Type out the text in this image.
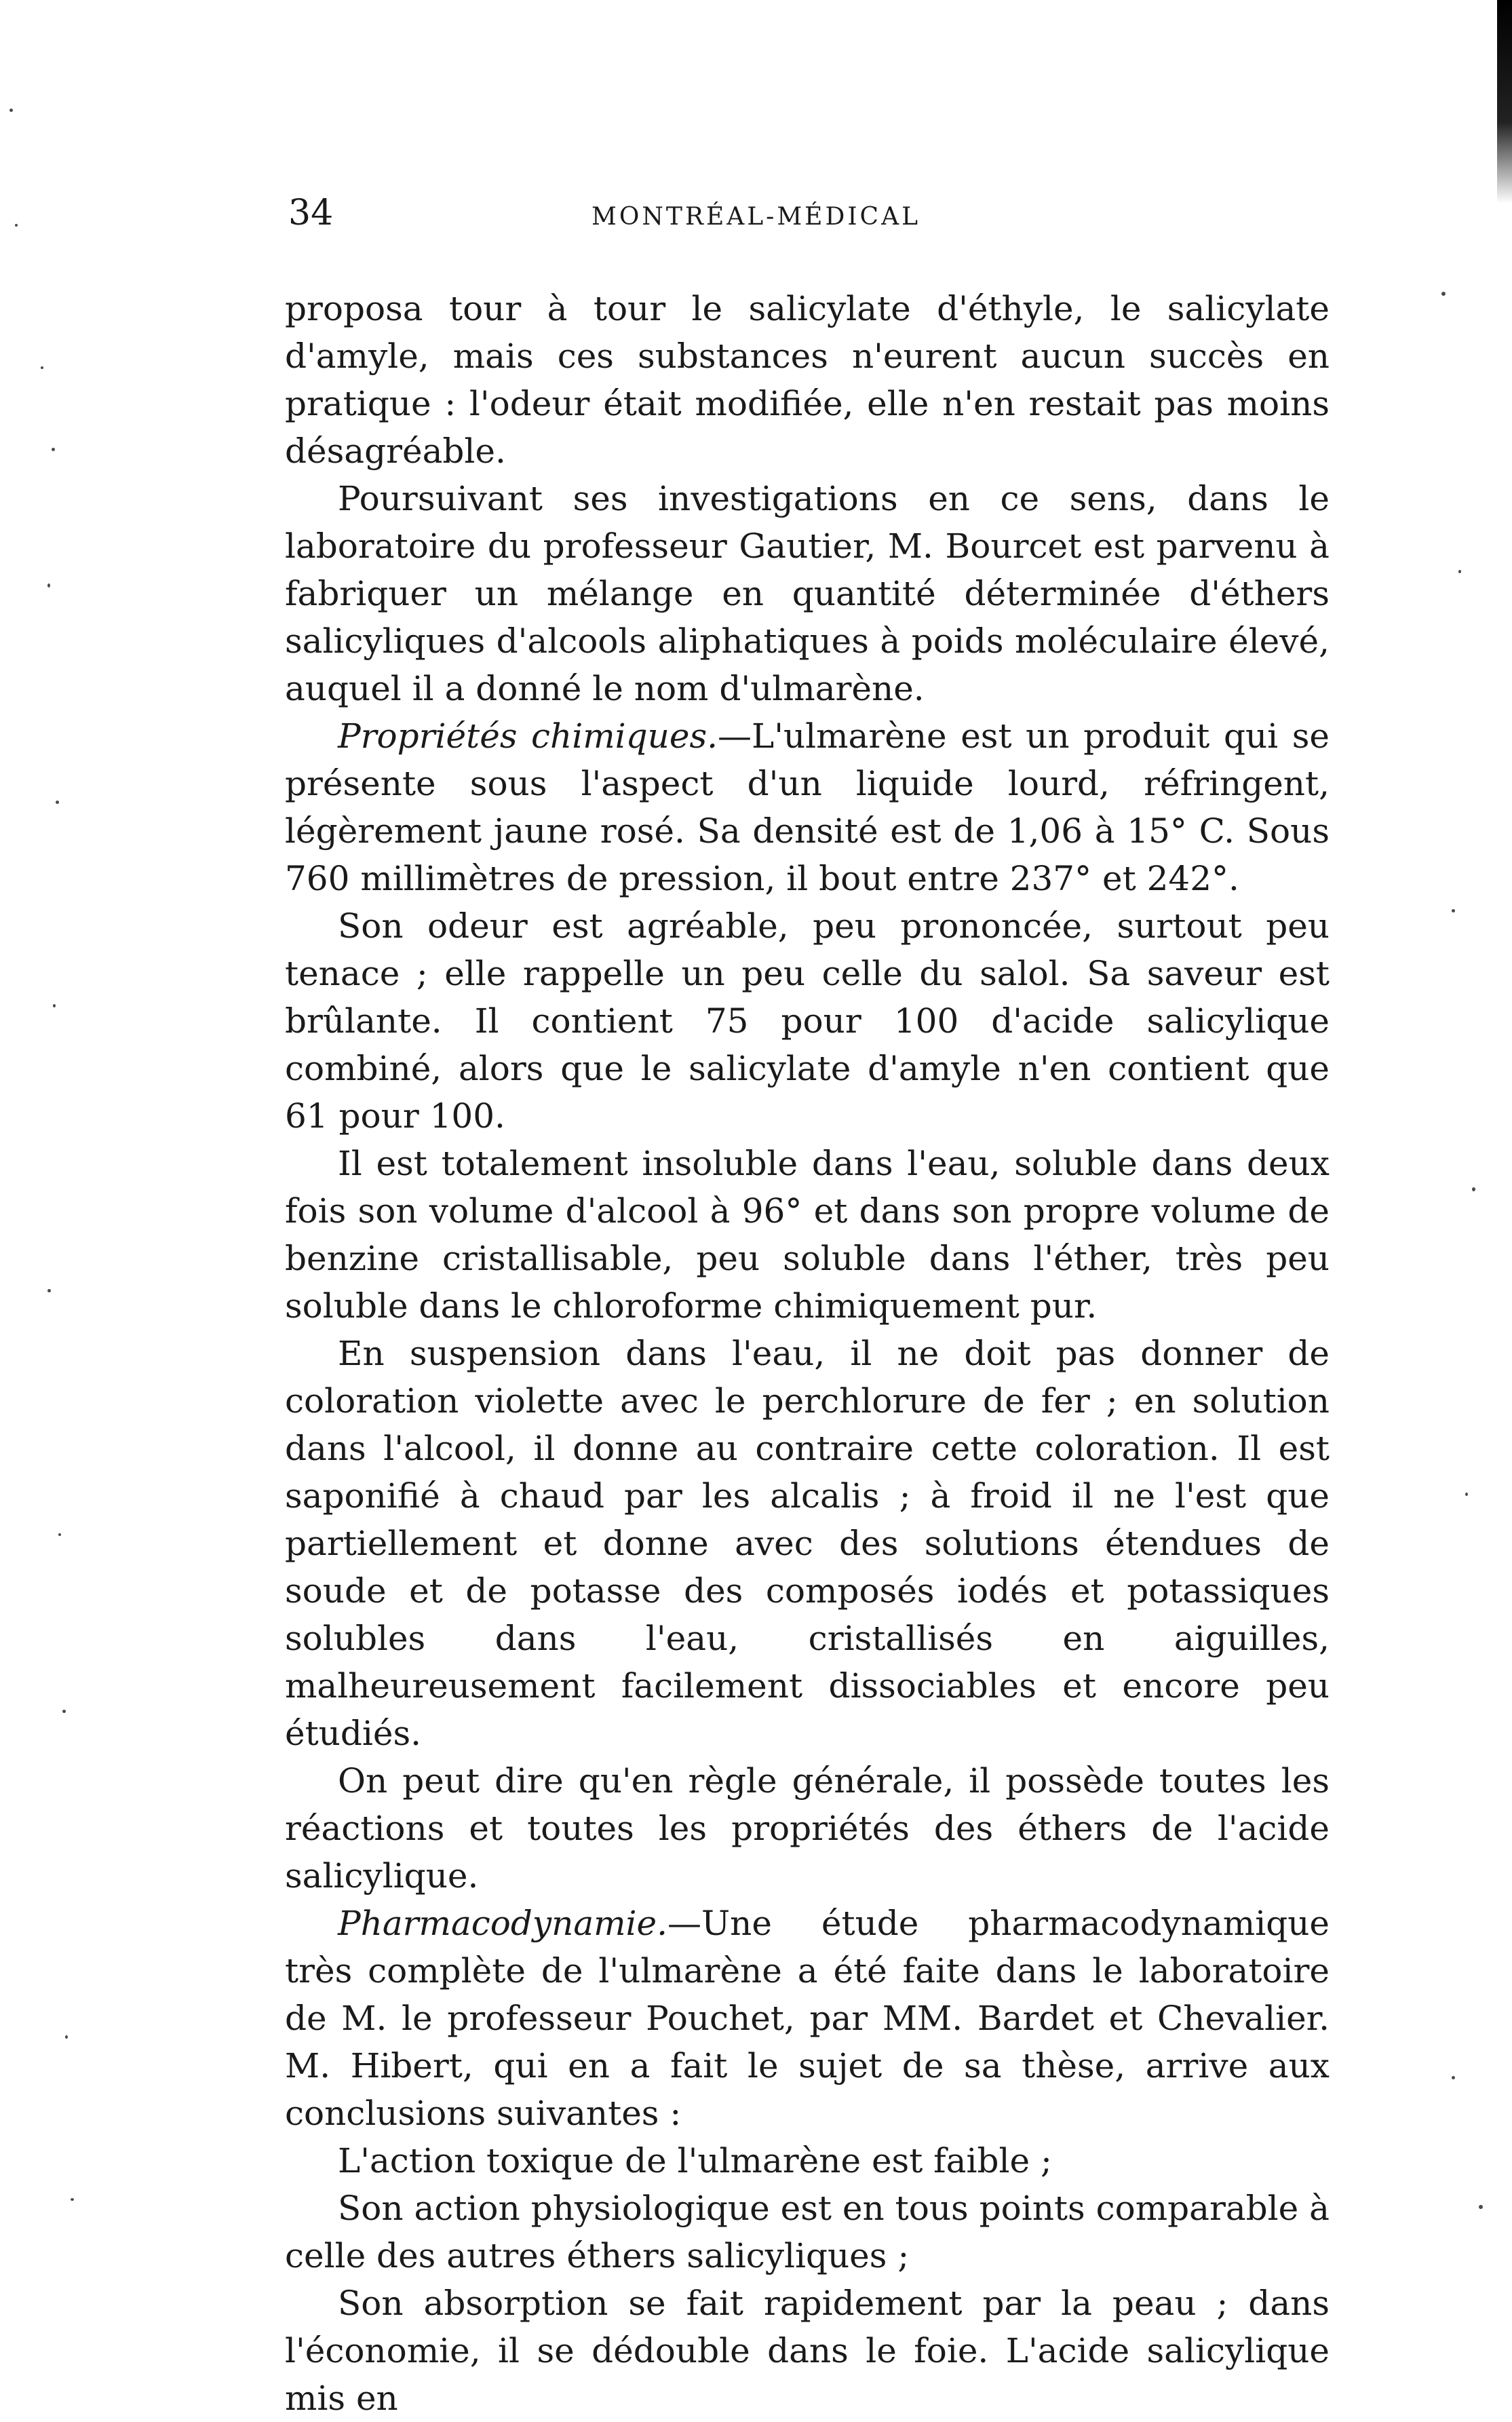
34	MONTRÉAL-MÉDICAL

proposa tour à tour le salicylate d'éthyle, le salicylate d'amyle, mais ces substances n'eurent aucun succès en pratique : l'odeur était modifiée, elle n'en restait pas moins désagréable.

Poursuivant ses investigations en ce sens, dans le laboratoire du professeur Gautier, M. Bourcet est parvenu à fabriquer un mélange en quantité déterminée d'éthers salicyliques d'alcools aliphatiques à poids moléculaire élevé, auquel il a donné le nom d'ulmarène.

Propriétés chimiques.—L'ulmarène est un produit qui se présente sous l'aspect d'un liquide lourd, réfringent, légèrement jaune rosé. Sa densité est de 1,06 à 15° C. Sous 760 millimètres de pression, il bout entre 237° et 242°.

Son odeur est agréable, peu prononcée, surtout peu tenace ; elle rappelle un peu celle du salol. Sa saveur est brûlante. Il contient 75 pour 100 d'acide salicylique combiné, alors que le salicylate d'amyle n'en contient que 61 pour 100.

Il est totalement insoluble dans l'eau, soluble dans deux fois son volume d'alcool à 96° et dans son propre volume de benzine cristallisable, peu soluble dans l'éther, très peu soluble dans le chloroforme chimiquement pur.

En suspension dans l'eau, il ne doit pas donner de coloration violette avec le perchlorure de fer ; en solution dans l'alcool, il donne au contraire cette coloration. Il est saponifié à chaud par les alcalis ; à froid il ne l'est que partiellement et donne avec des solutions étendues de soude et de potasse des composés iodés et potassiques solubles dans l'eau, cristallisés en aiguilles, malheureusement facilement dissociables et encore peu étudiés.

On peut dire qu'en règle générale, il possède toutes les réactions et toutes les propriétés des éthers de l'acide salicylique.

Pharmacodynamie.—Une étude pharmacodynamique très complète de l'ulmarène a été faite dans le laboratoire de M. le professeur Pouchet, par MM. Bardet et Chevalier. M. Hibert, qui en a fait le sujet de sa thèse, arrive aux conclusions suivantes :

L'action toxique de l'ulmarène est faible ;

Son action physiologique est en tous points comparable à celle des autres éthers salicyliques ;

Son absorption se fait rapidement par la peau ; dans l'économie, il se dédouble dans le foie. L'acide salicylique mis en
